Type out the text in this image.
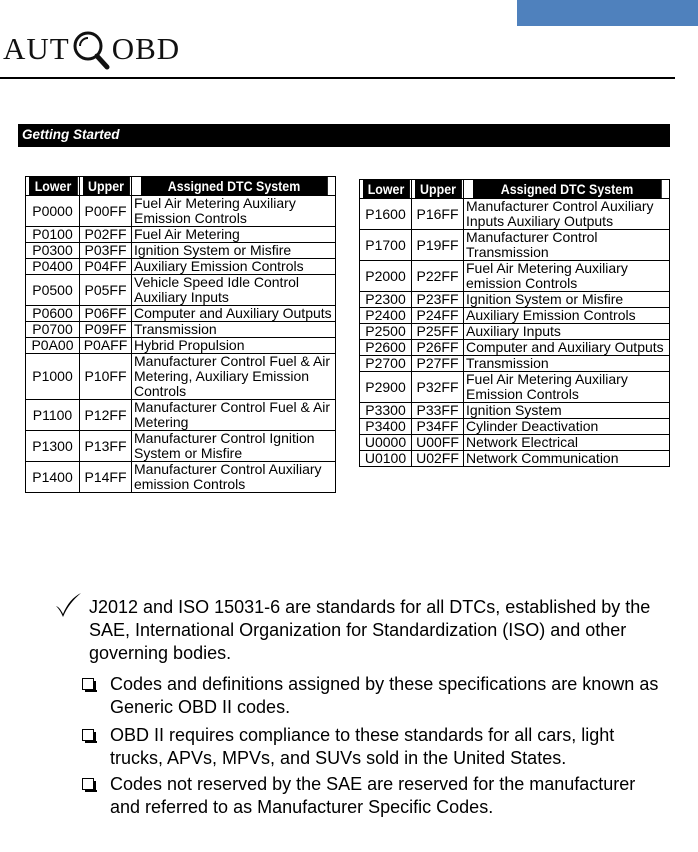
AUT OBD
Getting Started
Lower	Upper	Assigned DTC System
P0000	P00FF	Fuel Air Metering Auxiliary Emission Controls
P0100	P02FF	Fuel Air Metering
P0300	P03FF	Ignition System or Misfire
P0400	P04FF	Auxiliary Emission Controls
P0500	P05FF	Vehicle Speed Idle Control Auxiliary Inputs
P0600	P06FF	Computer and Auxiliary Outputs
P0700	P09FF	Transmission
P0A00	P0AFF	Hybrid Propulsion
P1000	P10FF	Manufacturer Control Fuel & Air Metering, Auxiliary Emission Controls
P1100	P12FF	Manufacturer Control Fuel & Air Metering
P1300	P13FF	Manufacturer Control Ignition System or Misfire
P1400	P14FF	Manufacturer Control Auxiliary emission Controls
Lower	Upper	Assigned DTC System
P1600	P16FF	Manufacturer Control Auxiliary Inputs Auxiliary Outputs
P1700	P19FF	Manufacturer Control Transmission
P2000	P22FF	Fuel Air Metering Auxiliary emission Controls
P2300	P23FF	Ignition System or Misfire
P2400	P24FF	Auxiliary Emission Controls
P2500	P25FF	Auxiliary Inputs
P2600	P26FF	Computer and Auxiliary Outputs
P2700	P27FF	Transmission
P2900	P32FF	Fuel Air Metering Auxiliary Emission Controls
P3300	P33FF	Ignition System
P3400	P34FF	Cylinder Deactivation
U0000	U00FF	Network Electrical
U0100	U02FF	Network Communication
J2012 and ISO 15031-6 are standards for all DTCs, established by the SAE, International Organization for Standardization (ISO) and other governing bodies.
Codes and definitions assigned by these specifications are known as Generic OBD II codes.
OBD II requires compliance to these standards for all cars, light trucks, APVs, MPVs, and SUVs sold in the United States.
Codes not reserved by the SAE are reserved for the manufacturer and referred to as Manufacturer Specific Codes.
